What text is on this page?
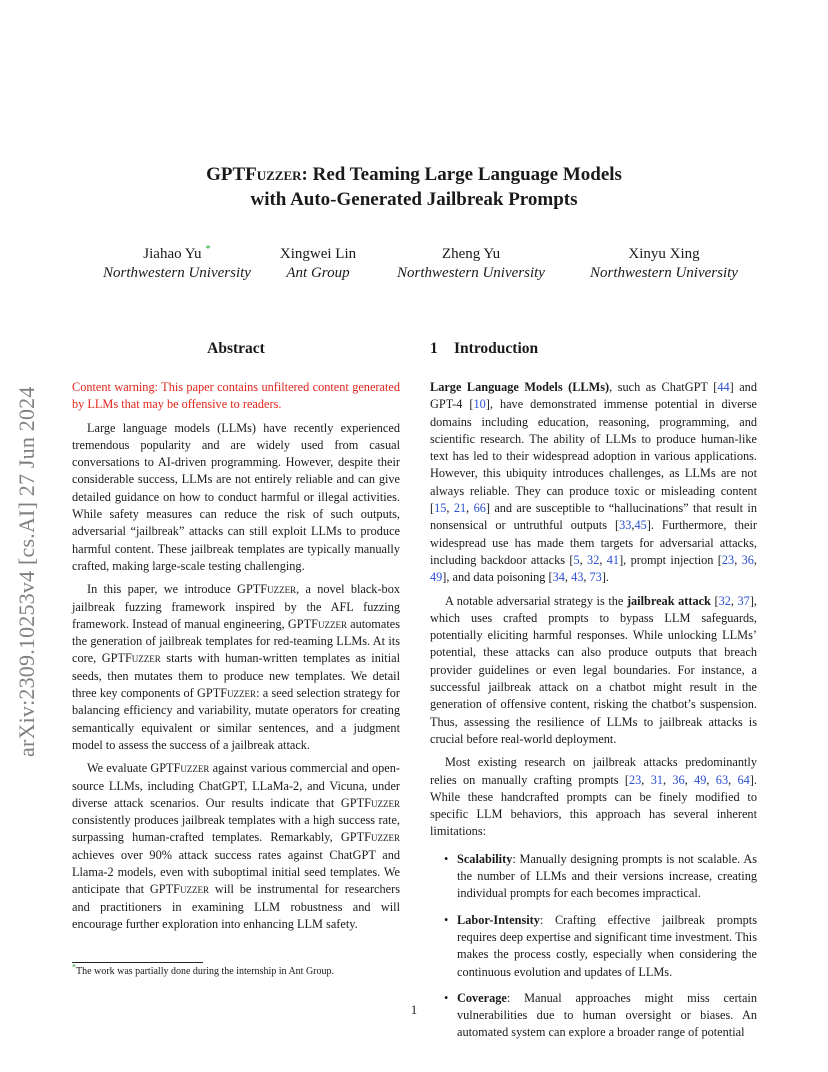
arXiv:2309.10253v4 [cs.AI] 27 Jun 2024
GPTFuzzer: Red Teaming Large Language Models
with Auto-Generated Jailbreak Prompts
Jiahao Yu *
Northwestern University
Xingwei Lin
Ant Group
Zheng Yu
Northwestern University
Xinyu Xing
Northwestern University
Abstract

Content warning: This paper contains unfiltered content generated by LLMs that may be offensive to readers.

Large language models (LLMs) have recently experienced tremendous popularity and are widely used from casual conversations to AI-driven programming. However, despite their considerable success, LLMs are not entirely reliable and can give detailed guidance on how to conduct harmful or illegal activities. While safety measures can reduce the risk of such outputs, adversarial “jailbreak” attacks can still exploit LLMs to produce harmful content. These jailbreak templates are typically manually crafted, making large-scale testing challenging.

In this paper, we introduce GPTFuzzer, a novel black-box jailbreak fuzzing framework inspired by the AFL fuzzing framework. Instead of manual engineering, GPTFuzzer automates the generation of jailbreak templates for red-teaming LLMs. At its core, GPTFuzzer starts with human-written templates as initial seeds, then mutates them to produce new templates. We detail three key components of GPTFuzzer: a seed selection strategy for balancing efficiency and variability, mutate operators for creating semantically equivalent or similar sentences, and a judgment model to assess the success of a jailbreak attack.

We evaluate GPTFuzzer against various commercial and open-source LLMs, including ChatGPT, LLaMa-2, and Vicuna, under diverse attack scenarios. Our results indicate that GPTFuzzer consistently produces jailbreak templates with a high success rate, surpassing human-crafted templates. Remarkably, GPTFuzzer achieves over 90% attack success rates against ChatGPT and Llama-2 models, even with suboptimal initial seed templates. We anticipate that GPTFuzzer will be instrumental for researchers and practitioners in examining LLM robustness and will encourage further exploration into enhancing LLM safety.

*The work was partially done during the internship in Ant Group.
1 Introduction

Large Language Models (LLMs), such as ChatGPT [44] and GPT-4 [10], have demonstrated immense potential in diverse domains including education, reasoning, programming, and scientific research. The ability of LLMs to produce human-like text has led to their widespread adoption in various applications. However, this ubiquity introduces challenges, as LLMs are not always reliable. They can produce toxic or misleading content [15, 21, 66] and are susceptible to “hallucinations” that result in nonsensical or untruthful outputs [33,45]. Furthermore, their widespread use has made them targets for adversarial attacks, including backdoor attacks [5, 32, 41], prompt injection [23, 36, 49], and data poisoning [34, 43, 73].

A notable adversarial strategy is the jailbreak attack [32, 37], which uses crafted prompts to bypass LLM safeguards, potentially eliciting harmful responses. While unlocking LLMs’ potential, these attacks can also produce outputs that breach provider guidelines or even legal boundaries. For instance, a successful jailbreak attack on a chatbot might result in the generation of offensive content, risking the chatbot’s suspension. Thus, assessing the resilience of LLMs to jailbreak attacks is crucial before real-world deployment.

Most existing research on jailbreak attacks predominantly relies on manually crafting prompts [23, 31, 36, 49, 63, 64]. While these handcrafted prompts can be finely modified to specific LLM behaviors, this approach has several inherent limitations:

• Scalability: Manually designing prompts is not scalable. As the number of LLMs and their versions increase, creating individual prompts for each becomes impractical.
• Labor-Intensity: Crafting effective jailbreak prompts requires deep expertise and significant time investment. This makes the process costly, especially when considering the continuous evolution and updates of LLMs.
• Coverage: Manual approaches might miss certain vulnerabilities due to human oversight or biases. An automated system can explore a broader range of potential
1
